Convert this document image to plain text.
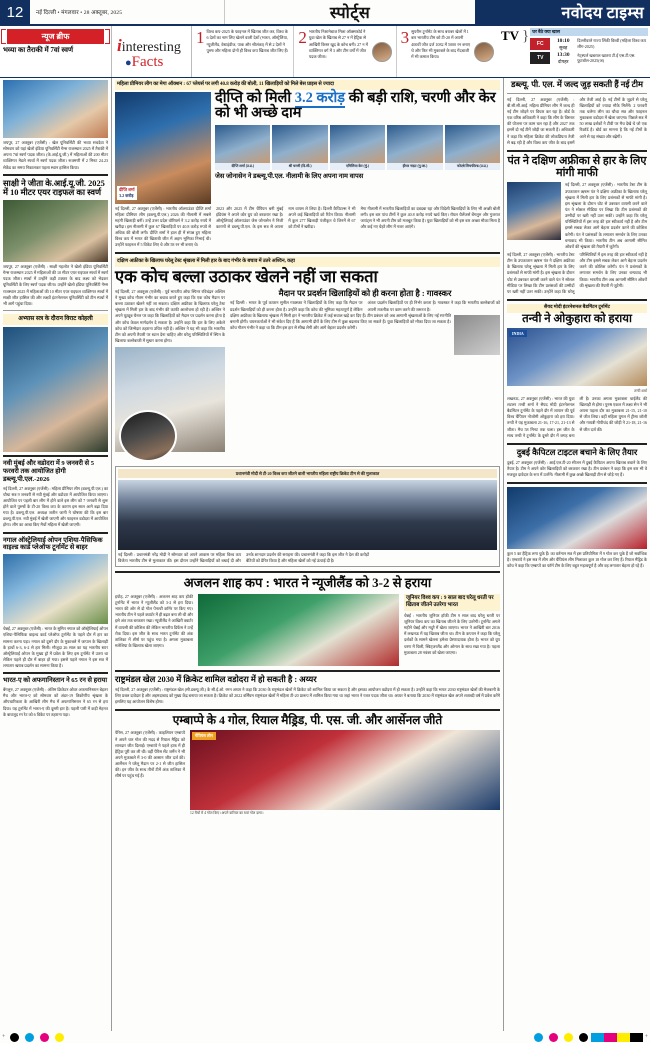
12	नई दिल्ली • मंगलवार • 28 अक्तूबर, 2025	स्पोर्ट्स	नवोदय टाइम्स
न्यूज ब्रीफ
भव्या का तैराकी में 7वां स्वर्ण	iinteresting
●Facts
1 विश्व कप-2025 के फाइनल में खिताब जीत कर, विश्व के 6 देशों का नाम लिए खेलने वाली देशों (भारत, ऑस्ट्रेलिया, न्यूजीलैंड, वेस्टइंडीज, पाक और श्रीलंका) में से 2 देशों ने पुरुष और महिला दोनों ही विश्व कप खिताब जीत लिए हैं।
2 भारतीय निशानेबाज मिला ऑक्सफोर्ड ने युवा खेल के खिताब से 27 न में हैट्रिक से आखिरी किस्त खुद के कोच बनी। 27 न में व्यक्तिगत वर्ग में 3 और टीम वर्गों में जीत पदक जीता।
3 सुपरीम टूर्नामेंट के साथ बराबर खेलों में 1 बार भारतीय टीम को टी-20 में अपनी 400वीं जीत दर्ज 1082 में 5000 रन बनाए थे और फिर भी मुकाबले के बाद गेंदबाजी में भी कमाल किया।
TV } घर बैठे क्या खास
FC
10:10
सुबह
दिल्लीवाले राज्य लिंकी विश्वी (महिला विश्व कप लीग-2025)
TV
13:30
दोपहर
नेट्स्पर्ल खबराल खातरा टी.ई एस.टी.एस. फुटबॉल-2025(अ)
जयपुर, 27 अक्तूबर (एजेंसी) : खेल यूनिवर्सिटी की भव्या सचदेवा ने सोमवार को यहां खेलो इंडिया यूनिवर्सिटी गेम्स राजस्थान 2025 में तैराकी में अपना 7वां स्वर्ण पदक जीता। (के.आई.यू.जी.) में महिलाओं की 200 मीटर व्यक्तिगत मेडले स्पर्धा में स्वर्ण पदक जीता। रूक्मणी में 2 मिनट 24.23 सेकेंड का समय निकालकर पहला स्थान हासिल किया।
साक्षी ने जीता के.आई.यू.जी. 2025 में 10 मीटर एयर राइफल का स्वर्ण
जयपुर, 27 अक्तूबर (एजेंसी) : साक्षी गहलोत ने खेलो इंडिया यूनिवर्सिटी गेम्स राजस्थान 2025 में महिलाओं की 10 मीटर एयर राइफल स्पर्धा में स्वर्ण पदक जीता। स्पर्धा में उन्होंने कड़ी टक्कर के बाद लक्ष्य को भेदकर यूनिवर्सिटी के लिए स्वर्ण पदक जीता। उन्होंने खेलो इंडिया यूनिवर्सिटी गेम्स राजस्थान 2025 में महिलाओं की 10 मीटर एयर राइफल व्यक्तिगत स्पर्धा में साक्षी जीत हासिल की और लक्ष्यों इंटरनेशनल यूनिवर्सिटी को टीम स्पर्धा में भी आगे पहुंचा दिया।
अभ्यास सत्र के दौरान विराट कोहली
नवी मुंबई और वडोदरा में 9 जनवरी से 5 फरवरी तक आयोजित होगी डब्ल्यू.पी.एल.-2026
नई दिल्ली, 27 अक्तूबर (एजेंसी) : महिला प्रीमियर लीग (डब्ल्यू.पी.एल.) का चौथा सत्र 9 जनवरी से नवी मुंबई और वडोदरा में आयोजित किया जाएगा। आयोजित पर पहली बार लीग में होने वाले इस लीग को 7 जनवरी से शुरू होने वाले पुरुषों के टी-20 विश्व कप के कारण इस साल आगे बढ़ा दिया गया है। डब्ल्यू.पी.एल. अध्यक्ष जतीन जानी ने घोषणा की कि इस बार डब्ल्यू.पी.एल. नवी मुंबई में खेली जाएगी और फाइनल वडोदरा में आयोजित होगा। लीग का आधा किए मैचों महिला में खेली जाएगी।
नगाल ऑस्ट्रेलियाई ओपन एशिया-पैसिफिक वाइल्ड कार्ड प्लेऑफ टूर्नामेंट से बाहर
चेन्नई, 27 अक्तूबर (एजेंसी) : भारत के सुमित नगाल को ऑस्ट्रेलियाई ओपन एशिया-पैसिफिक वाइल्ड कार्ड प्लेऑफ टूर्नामेंट के पहले दौर में हार का सामना करना पड़ा। नगाल को दूसरे दौर के मुकाबले में जापान के खिलाड़ी के हाथों 6-3, 6-2 से हार मिली। मौजूदा 26 साल का यह भारतीय स्टार ऑस्ट्रेलियाई ओपन के मुख्य ड्रॉ में प्रवेश के लिए इस टूर्नामेंट में उतरा था लेकिन पहले ही दौर में बाहर हो गया। इससे पहले नगाल ने इस सत्र में लगातार खराब प्रदर्शन का सामना किया है।
भारत-ए को अफगानिस्तान ने 65 रन से हराया
बेंगलुरु, 27 अक्तूबर (एजेंसी) : अंतिम क्रिकेटर ओवर अफगानिस्तान बेहतर मैच और भारत-ए को सोमवार को अंडर-19 त्रिकोणीय श्रृंखला के औपचारिकता के आखिरी लीग मैच में अफगानिस्तान ने 65 रन से हरा दिया। यह टूर्नामेंट में भारत-ए की दूसरी हार है। पहली पारी में कड़ी मेहनत के बावजूद रन रेट को 6 विकेट पर ठहराना पड़ा।
महिला प्रीमियर लीग का मेगा ऑक्शन : 67 प्लेयर्स पर लगी 40.8 करोड़ की बोली, 11 खिलाड़ियों को मिले बेस प्राइस से ज्यादा
दीप्ति शर्मा
3.2 करोड़
दीप्ति को मिली 3.2 करोड़ की बड़ी राशि, चरणी और केर को भी अच्छे दाम
दीप्ति शर्मा (उ.प्र.)	श्री चरणी (दि.सी.)	एमिलिया केर (मुं.)	हीथर नाइट (गु.जा.)	फोएबे लिचफील्ड (उ.प्र.)
जेस जोनासेन ने डब्ल्यू.पी.एल. नीलामी के लिए अपना नाम वापस
नई दिल्ली, 27 अक्तूबर (एजेंसी) : भारतीय ऑलराउंडर दीप्ति शर्मा महिला प्रीमियर लीग (डब्ल्यू.पी.एल.) 2026 की नीलामी में सबसे महंगी खिलाड़ी बनीं। उन्हें उत्तर प्रदेश वॉरियर्स ने 3.2 करोड़ रुपये में खरीदा। इस नीलामी में कुल 67 खिलाड़ियों पर 40.8 करोड़ रुपये से अधिक की बोली लगी। दीप्ति शर्मा ने हाल ही में संपन्न हुए महिला विश्व कप में भारत की खिताबी जीत में अहम भूमिका निभाई थी। उन्होंने फाइनल में 5 विकेट लिए थे और 58 रन भी बनाए थे।
2023 और 2025 में टीम चैंपियन बनी मुंबई इंडियंस ने अपने कोर ग्रुप को बरकरार रखा है। ऑस्ट्रेलियाई ऑलराउंडर जेस जोनासेन ने निजी कारणों से डब्ल्यू.पी.एल. के इस सत्र से अपना नाम वापस ले लिया है। दिल्ली कैपिटल्स ने भी अपने कई खिलाड़ियों को रिटेन किया। नीलामी में कुल 277 खिलाड़ी पंजीकृत थे जिनमें से 67 को टीमों ने खरीदा।
मेगा नीलामी में भारतीय खिलाड़ियों का दबदबा रहा और विदेशी खिलाड़ियों के लिए भी अच्छी बोली लगी। इस बार पांच टीमों ने कुल 40.8 करोड़ रुपये खर्च किए। रॉयल चैलेंजर्स बेंगलुरु और गुजरात जायंट्स ने भी अपनी टीम को मजबूत किया है। युवा खिलाड़ियों को भी इस बार अच्छा मौका मिला है और कई नए चेहरे लीग में नजर आएंगे।
दक्षिण अफ्रीका के खिलाफ घरेलू टेस्ट श्रृंखला में मिली हार के बाद गंभीर के बचाव में उतरे अश्विन, कहा
एक कोच बल्ला उठाकर खेलने नहीं जा सकता
नई दिल्ली, 27 अक्तूबर (एजेंसी) : पूर्व भारतीय ऑफ स्पिनर रविचंद्रन अश्विन ने मुख्य कोच गौतम गंभीर का बचाव करते हुए कहा कि एक कोच मैदान पर बल्ला उठाकर खेलने नहीं जा सकता। दक्षिण अफ्रीका के खिलाफ घरेलू टेस्ट श्रृंखला में मिली हार के बाद गंभीर की काफी आलोचना हो रही है। अश्विन ने अपने यूट्यूब चैनल पर कहा कि खिलाड़ियों को मैदान पर प्रदर्शन करना होता है और कोच केवल मार्गदर्शन दे सकता है। उन्होंने कहा कि हार के लिए अकेले कोच को जिम्मेदार ठहराना उचित नहीं है। अश्विन ने यह भी कहा कि भारतीय टीम को अपनी तैयारी पर ध्यान देना चाहिए और घरेलू परिस्थितियों में स्पिन के खिलाफ बल्लेबाजी में सुधार करना होगा।
मैदान पर प्रदर्शन खिलाड़ियों को ही करना होता है : गावस्कर
नई दिल्ली : भारत के पूर्व कप्तान सुनील गावस्कर ने खिलाड़ियों के लिए कहा कि मैदान पर प्रदर्शन खिलाड़ियों को ही करना होता है। उन्होंने कहा कि कोच की भूमिका महत्वपूर्ण है लेकिन अंततः प्रदर्शन खिलाड़ियों पर ही निर्भर करता है। गावस्कर ने कहा कि भारतीय बल्लेबाजों को अपनी तकनीक पर काम करने की जरूरत है।
दक्षिण अफ्रीका के खिलाफ श्रृंखला में मिली हार ने भारतीय क्रिकेट में कई सवाल खड़े कर दिए हैं। टीम प्रबंधन को अब आगामी श्रृंखलाओं के लिए नई रणनीति बनानी होगी। चयनकर्ताओं ने भी संकेत दिए हैं कि आगामी दौरों के लिए टीम में कुछ बदलाव किए जा सकते हैं। युवा खिलाड़ियों को मौका दिया जा सकता है। कोच गौतम गंभीर ने कहा था कि टीम इस हार से सीख लेगी और आगे बेहतर प्रदर्शन करेगी।
प्रधानमंत्री मोदी से टी-20 विश्व कप जीतने वाली भारतीय महिला राष्ट्रीय क्रिकेट टीम से की मुलाकात
नई दिल्ली : प्रधानमंत्री नरेंद्र मोदी ने सोमवार को अपने आवास पर महिला विश्व कप विजेता भारतीय टीम से मुलाकात की। इस दौरान उन्होंने खिलाड़ियों को बधाई दी और उनके शानदार प्रदर्शन की सराहना की। प्रधानमंत्री ने कहा कि इस जीत ने देश की करोड़ों बेटियों को प्रेरित किया है और महिला खेलों को नई ऊंचाई दी है।
अजलन शाह कप : भारत ने न्यूजीलैंड को 3-2 से हराया
इपोह, 27 अक्तूबर (एजेंसी) : अजलन शाह कप हॉकी टूर्नामेंट में भारत ने न्यूजीलैंड को 3-2 से हरा दिया। भारत की ओर से दो गोल पेनल्टी कॉर्नर पर किए गए। भारतीय टीम ने पहले क्वार्टर में ही बढ़त बना ली थी और इसे अंत तक बरकरार रखा। न्यूजीलैंड ने आखिरी क्वार्टर में वापसी की कोशिश की लेकिन भारतीय डिफेंस ने उन्हें रोक दिया। इस जीत के साथ भारत टूर्नामेंट की अंक तालिका में शीर्ष पर पहुंच गया है। अगला मुकाबला मलेशिया के खिलाफ खेला जाएगा।
जूनियर विश्व कप : 9 साल बाद घरेलू धरती पर खिताब जीतने उतरेगा भारत
चेन्नई : भारतीय जूनियर हॉकी टीम 9 साल बाद घरेलू धरती पर जूनियर विश्व कप का खिताब जीतने के लिए उतरेगी। टूर्नामेंट अगले महीने चेन्नई और मदुरै में खेला जाएगा। भारत ने आखिरी बार 2016 में लखनऊ में यह खिताब जीता था। टीम के कप्तान ने कहा कि घरेलू दर्शकों के सामने खेलना हमेशा प्रेरणादायक होता है। भारत को ग्रुप चरण में चिली, स्विट्जरलैंड और ओमान के साथ रखा गया है। पहला मुकाबला 28 नवंबर को खेला जाएगा।
राष्ट्रमंडल खेल 2030 में क्रिकेट शामिल वडोदरा में हो सकती है : अय्यर
नई दिल्ली, 27 अक्तूबर (एजेंसी) : राष्ट्रमंडल खेल (सी.डब्ल्यू.जी.) के सी.ई.ओ. रमन अय्यर ने कहा कि 2030 के राष्ट्रमंडल खेलों में क्रिकेट को शामिल किया जा सकता है और इसका आयोजन वडोदरा में हो सकता है। उन्होंने कहा कि भारत 2030 राष्ट्रमंडल खेलों की मेजबानी के लिए प्रबल दावेदार है और अहमदाबाद को मुख्य केंद्र बनाया जा सकता है। क्रिकेट को 2022 बर्मिंघम राष्ट्रमंडल खेलों में महिला टी-20 प्रारूप में शामिल किया गया था जहां भारत ने रजत पदक जीता था। अय्यर ने बताया कि 2030 में राष्ट्रमंडल खेल अपने शताब्दी वर्ष में प्रवेश करेंगे इसलिए यह आयोजन विशेष होगा।
एम्बाप्पे के 4 गोल, रियाल मैड्रिड, पी. एस. जी. और आर्सेनल जीते
पेरिस, 27 अक्तूबर (एजेंसी) : काइलियन एम्बाप्पे ने अपने चार गोल की मदद से रियाल मैड्रिड को शानदार जीत दिलाई। एम्बाप्पे ने पहले हाफ में ही हैट्रिक पूरी कर ली थी। वहीं पेरिस सेंट जर्मेन ने भी अपने मुकाबले में 3-0 की आसान जीत दर्ज की। आर्सेनल ने घरेलू मैदान पर 2-1 से जीत हासिल की। इन जीत के साथ तीनों टीमें अंक तालिका में शीर्ष पर पहुंच गई हैं।
चैंपियंस लीग
12 मैचों में 4 गोल किए। अपने करियर का 6वां गोल दागा।
डब्ल्यू. पी. एल. में जल्द जुड़ सकती हैं नई टीम
नई दिल्ली, 27 अक्तूबर (एजेंसी) : बी.सी.सी.आई. महिला प्रीमियर लीग में जल्द ही नई टीम जोड़ने पर विचार कर रहा है। बोर्ड के एक वरिष्ठ अधिकारी ने कहा कि लीग के विस्तार की योजना पर काम चल रहा है और 2027 तक इसमें दो नई टीमें जोड़ी जा सकती हैं। अधिकारी ने कहा कि महिला क्रिकेट की लोकप्रियता तेजी से बढ़ रही है और विश्व कप जीत के बाद इसमें और तेजी आई है। नई टीमों के जुड़ने से घरेलू खिलाड़ियों को ज्यादा मौके मिलेंगे। 2 फरवरी तक चलेगा लीग का चौथा सत्र और फाइनल मुकाबला वडोदरा में खेला जाएगा। पिछले सत्र में 50 लाख दर्शकों ने टीवी पर मैच देखे थे जो एक रिकॉर्ड है। बोर्ड का मानना है कि नई टीमों के आने से यह संख्या और बढ़ेगी।
पंत ने दक्षिण अफ्रीका से हार के लिए मांगी माफी
नई दिल्ली, 27 अक्तूबर (एजेंसी) : भारतीय टेस्ट टीम के उपकप्तान ऋषभ पंत ने दक्षिण अफ्रीका के खिलाफ घरेलू श्रृंखला में मिली हार के लिए प्रशंसकों से माफी मांगी है। इस श्रृंखला के दौरान चोट से उबरकर वापसी करने वाले पंत ने सोशल मीडिया पर लिखा कि टीम प्रशंसकों की उम्मीदों पर खरी नहीं उतर सकी। उन्होंने कहा कि घरेलू परिस्थितियों में इस तरह की हार स्वीकार्य नहीं है और टीम इससे सबक लेकर आगे बेहतर प्रदर्शन करने की कोशिश करेगी। पंत ने प्रशंसकों के लगातार समर्थन के लिए उनका धन्यवाद भी किया। भारतीय टीम अब आगामी सीमित ओवरों की श्रृंखला की तैयारी में जुटेगी।
नई दिल्ली, 27 अक्तूबर (एजेंसी) : भारतीय टेस्ट टीम के उपकप्तान ऋषभ पंत ने दक्षिण अफ्रीका के खिलाफ घरेलू श्रृंखला में मिली हार के लिए प्रशंसकों से माफी मांगी है। इस श्रृंखला के दौरान चोट से उबरकर वापसी करने वाले पंत ने सोशल मीडिया पर लिखा कि टीम प्रशंसकों की उम्मीदों पर खरी नहीं उतर सकी। उन्होंने कहा कि घरेलू परिस्थितियों में इस तरह की हार स्वीकार्य नहीं है और टीम इससे सबक लेकर आगे बेहतर प्रदर्शन करने की कोशिश करेगी। पंत ने प्रशंसकों के लगातार समर्थन के लिए उनका धन्यवाद भी किया। भारतीय टीम अब आगामी सीमित ओवरों की श्रृंखला की तैयारी में जुटेगी।
सैयद मोदी इंटरनेशनल बैडमिंटन टूर्नामेंट
तन्वी ने ओकुहारा को हराया
INDIA
तन्वी शर्मा
लखनऊ, 27 अक्तूबर (एजेंसी) : भारत की युवा शटलर तन्वी शर्मा ने सैयद मोदी इंटरनेशनल बैडमिंटन टूर्नामेंट के पहले दौर में जापान की पूर्व विश्व चैंपियन नोजोमी ओकुहारा को हरा दिया। तन्वी ने यह मुकाबला 21-16, 17-21, 21-13 से जीता। मैच 58 मिनट तक चला। इस जीत के साथ तन्वी ने टूर्नामेंट के दूसरे दौर में जगह बना ली है। उनका अगला मुकाबला थाईलैंड की खिलाड़ी से होगा। पुरुष एकल में लक्ष्य सेन ने भी अपना पहला दौर का मुकाबला 21-15, 21-10 से जीत लिया। वहीं महिला युगल में ट्रीसा जॉली और गायत्री गोपीचंद की जोड़ी ने 21-18, 21-16 से जीत दर्ज की।
दुबई कैपिटल टाइटल बचाने के लिए तैयार
दुबई, 27 अक्तूबर (एजेंसी) : आई.एल.टी-20 सीजन में दुबई कैपिटल अपना खिताब बचाने के लिए तैयार है। टीम ने अपने कोर खिलाड़ियों को बरकरार रखा है। टीम प्रबंधन ने कहा कि इस बार भी वे मजबूत दावेदार के रूप में उतरेंगे। नीलामी में कुछ अच्छे खिलाड़ी टीम से जोड़े गए हैं।
कुल 5 का हैट्रिक लगा चुके हैं। का वर्तमान सत्र में इस प्रतियोगिता में 9 गोल कर चुके हैं जो सर्वाधिक है। एम्बाप्पे ने इस सत्र में लीग और चैंपियंस लीग मिलाकर कुल 18 गोल कर लिए हैं। रियाल मैड्रिड के कोच ने कहा कि एम्बाप्पे का फॉर्म टीम के लिए बहुत महत्वपूर्ण है और वह लगातार बेहतर हो रहे हैं।
+	+
